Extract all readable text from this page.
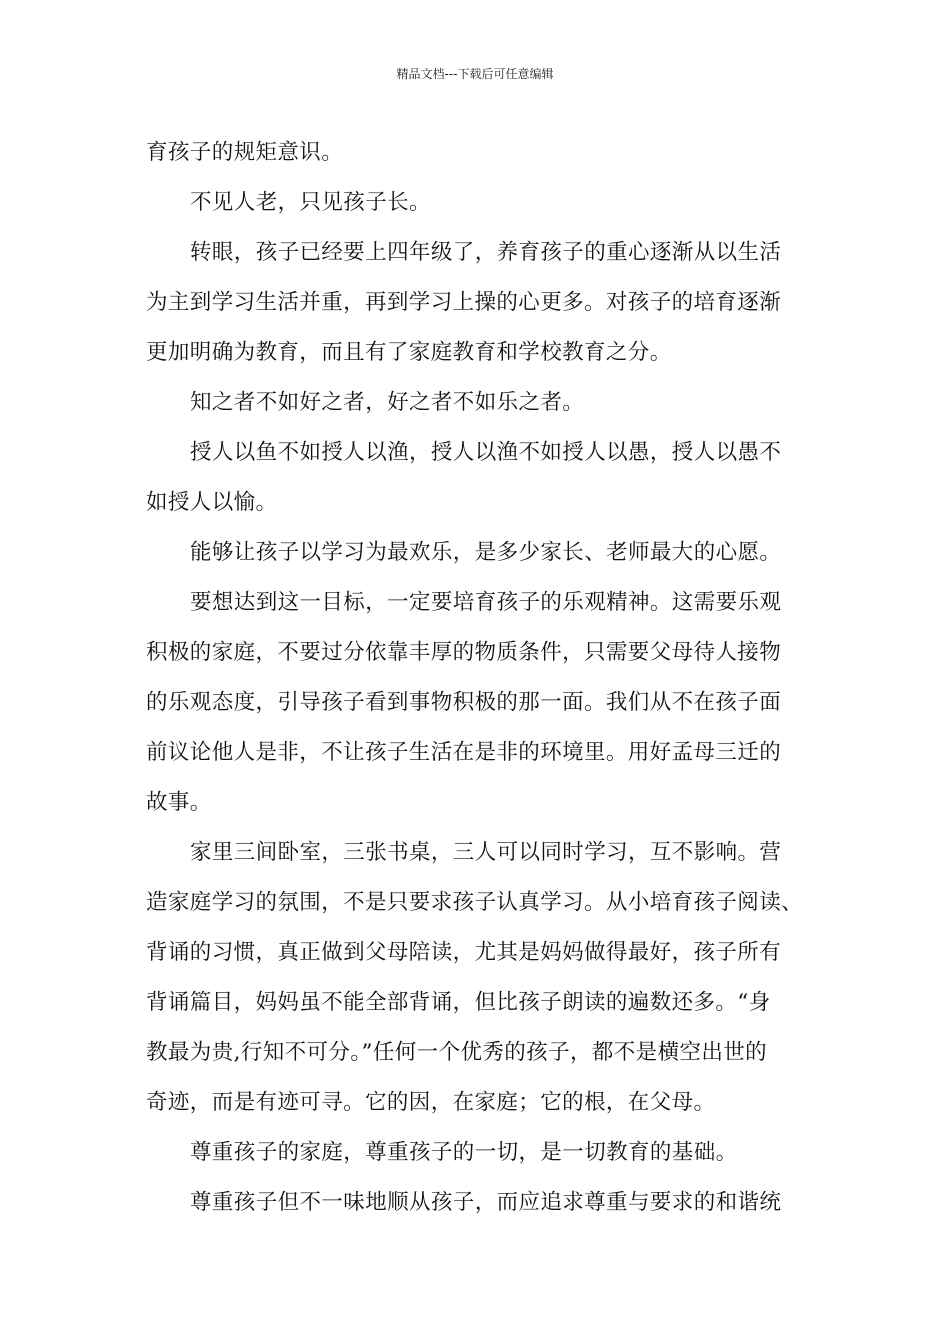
精品文档---下载后可任意编辑
育孩子的规矩意识。
不见人老，只见孩子长。
转眼，孩子已经要上四年级了，养育孩子的重心逐渐从以生活
为主到学习生活并重，再到学习上操的心更多。对孩子的培育逐渐
更加明确为教育，而且有了家庭教育和学校教育之分。
知之者不如好之者，好之者不如乐之者。
授人以鱼不如授人以渔，授人以渔不如授人以愚，授人以愚不
如授人以愉。
能够让孩子以学习为最欢乐，是多少家长、老师最大的心愿。
要想达到这一目标，一定要培育孩子的乐观精神。这需要乐观
积极的家庭，不要过分依靠丰厚的物质条件，只需要父母待人接物
的乐观态度，引导孩子看到事物积极的那一面。我们从不在孩子面
前议论他人是非，不让孩子生活在是非的环境里。用好孟母三迁的
故事。
家里三间卧室，三张书桌，三人可以同时学习，互不影响。营
造家庭学习的氛围，不是只要求孩子认真学习。从小培育孩子阅读、
背诵的习惯，真正做到父母陪读，尤其是妈妈做得最好，孩子所有
背诵篇目，妈妈虽不能全部背诵，但比孩子朗读的遍数还多。“身
教最为贵,行知不可分。”任何一个优秀的孩子，都不是横空出世的
奇迹，而是有迹可寻。它的因，在家庭；它的根，在父母。
尊重孩子的家庭，尊重孩子的一切，是一切教育的基础。
尊重孩子但不一味地顺从孩子，而应追求尊重与要求的和谐统
